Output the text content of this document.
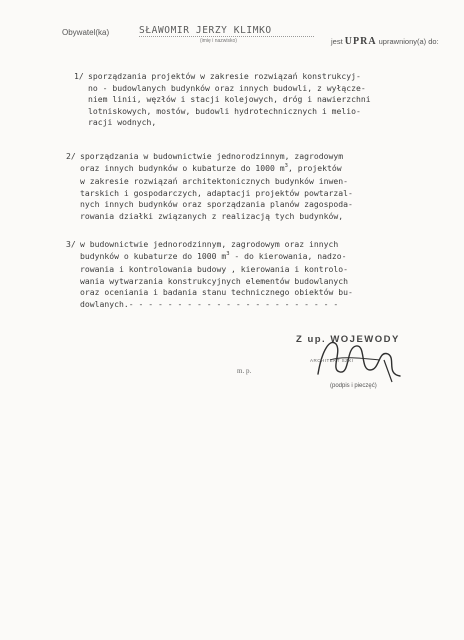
Obywatel(ka)	SŁAWOMIR JERZY KLIMKO
(imię i nazwisko)	jest UPRA uprawniony(a) do:
1/ sporządzania projektów w zakresie rozwiązań konstrukcyj-
no - budowlanych budynków oraz innych budowli, z wyłącze-
niem linii, węzłów i stacji kolejowych, dróg i nawierzchni
lotniskowych, mostów, budowli hydrotechnicznych i melio-
racji wodnych,
2/ sporządzania w budownictwie jednorodzinnym, zagrodowym
oraz innych budynków o kubaturze do 1000 $m^3$, projektów
w zakresie rozwiązań architektonicznych budynków inwen-
tarskich i gospodarczych, adaptacji projektów powtarzal-
nych innych budynków oraz sporządzania planów zagospoda-
rowania działki związanych z realizacją tych budynków,
3/ w budownictwie jednorodzinnym, zagrodowym oraz innych
budynków o kubaturze do 1000 $m^3$ - do kierowania, nadzo-
rowania i kontrolowania budowy , kierowania i kontrolo-
wania wytwarzania konstrukcyjnych elementów budowlanych
oraz oceniania i badania stanu technicznego obiektów bu-
dowlanych.- - - - - - - - - - - - - - - - - - - - - -
Z up. WOJEWODY
ARCHITEKT SZKI
m. p.
(podpis i pieczęć)
